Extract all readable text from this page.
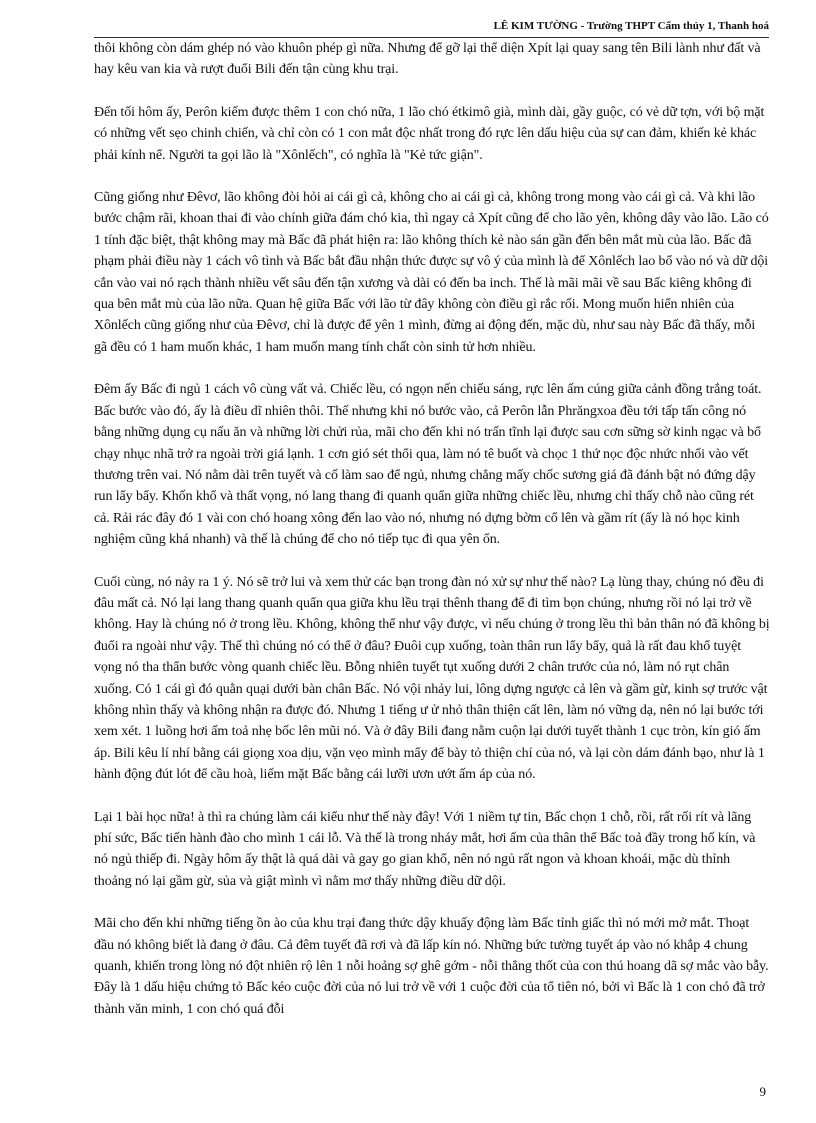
LÊ KIM TƯỜNG - Trường THPT Cẩm thủy 1, Thanh hoá

thôi không còn dám ghép nó vào khuôn phép gì nữa. Nhưng để gỡ lại thể diện Xpít lại quay sang tên Bili lành như đất và hay kêu van kia và rượt đuổi Bili đến tận cùng khu trại.

Đến tối hôm ấy, Perôn kiếm được thêm 1 con chó nữa, 1 lão chó étkimô già, mình dài, gầy guộc, có vẻ dữ tợn, với bộ mặt có những vết sẹo chinh chiến, và chỉ còn có 1 con mắt độc nhất trong đó rực lên dấu hiệu của sự can đảm, khiến kẻ khác phải kính nể. Người ta gọi lão là "Xônlếch", có nghĩa là "Kẻ tức giận".

Cũng giống như Đêvơ, lão không đòi hỏi ai cái gì cả, không cho ai cái gì cả, không trong mong vào cái gì cả. Và khi lão bước chậm rãi, khoan thai đi vào chính giữa đám chó kia, thì ngay cả Xpít cũng để cho lão yên, không dây vào lão. Lão có 1 tính đặc biệt, thật không may mà Bấc đã phát hiện ra: lão không thích kẻ nào sán gần đến bên mắt mù của lão. Bấc đã phạm phải điều này 1 cách vô tình và Bấc bắt đầu nhận thức được sự vô ý của mình là để Xônlếch lao bổ vào nó và dữ dội cắn vào vai nó rạch thành nhiều vết sâu đến tận xương và dài có đến ba inch. Thế là mãi mãi về sau Bấc kiêng không đi qua bên mắt mù của lão nữa. Quan hệ giữa Bấc với lão từ đây không còn điều gì rắc rối. Mong muốn hiển nhiên của Xônlếch cũng giống như của Đêvơ, chỉ là được để yên 1 mình, đừng ai động đến, mặc dù, như sau này Bấc đã thấy, mỗi gã đều có 1 ham muốn khác, 1 ham muốn mang tính chất còn sinh tử hơn nhiều.

Đêm ấy Bấc đi ngủ 1 cách vô cùng vất vả. Chiếc lều, có ngọn nến chiếu sáng, rực lên ấm cúng giữa cảnh đồng trắng toát. Bấc bước vào đó, ấy là điều dĩ nhiên thôi. Thế nhưng khi nó bước vào, cả Perôn lẫn Phrăngxoa đều tới tấp tấn công nó bằng những dụng cụ nấu ăn và những lời chửi rủa, mãi cho đến khi nó trấn tĩnh lại được sau cơn sững sờ kinh ngạc và bổ chạy nhục nhã trở ra ngoài trời giá lạnh. 1 cơn gió sét thổi qua, làm nó tê buốt và chọc 1 thứ nọc độc nhức nhối vào vết thương trên vai. Nó nằm dài trên tuyết và cố làm sao để ngủ, nhưng chẳng mấy chốc sương giá đã đánh bật nó đứng dậy run lẩy bẩy. Khốn khổ và thất vọng, nó lang thang đi quanh quẩn giữa những chiếc lều, nhưng chỉ thấy chỗ nào cũng rét cả. Rải rác đây đó 1 vài con chó hoang xông đến lao vào nó, nhưng nó dựng bờm cổ lên và gầm rít (ấy là nó học kinh nghiệm cũng khá nhanh) và thế là chúng để cho nó tiếp tục đi qua yên ổn.

Cuối cùng, nó nảy ra 1 ý. Nó sẽ trở lui và xem thử các bạn trong đàn nó xử sự như thế nào? Lạ lùng thay, chúng nó đều đi đâu mất cả. Nó lại lang thang quanh quẩn qua giữa khu lều trại thênh thang để đi tìm bọn chúng, nhưng rồi nó lại trở về không. Hay là chúng nó ở trong lều. Không, không thể như vậy được, vì nếu chúng ở trong lều thì bản thân nó đã không bị đuổi ra ngoài như vậy. Thế thì chúng nó có thể ở đâu? Đuôi cụp xuống, toàn thân run lẩy bẩy, quả là rất đau khổ tuyệt vọng nó tha thẩn bước vòng quanh chiếc lều. Bỗng nhiên tuyết tụt xuống dưới 2 chân trước của nó, làm nó rụt chân xuống. Có 1 cái gì đó quằn quại dưới bàn chân Bấc. Nó vội nhảy lui, lông dựng ngược cả lên và gầm gừ, kinh sợ trước vật không nhìn thấy và không nhận ra được đó. Nhưng 1 tiếng ư ử nhỏ thân thiện cất lên, làm nó vững dạ, nên nó lại bước tới xem xét. 1 luồng hơi ấm toả nhẹ bốc lên mũi nó. Và ở đây Bili đang nằm cuộn lại dưới tuyết thành 1 cục tròn, kín gió ấm áp. Bili kêu lí nhí bằng cái giọng xoa dịu, vặn vẹo mình mẩy để bày tỏ thiện chí của nó, và lại còn dám đánh bạo, như là 1 hành động đút lót để cầu hoà, liếm mặt Bấc bằng cái lưỡi ươn ướt ấm áp của nó.

Lại 1 bài học nữa! à thì ra chúng làm cái kiểu như thế này đây! Với 1 niềm tự tin, Bấc chọn 1 chỗ, rồi, rất rối rít và lãng phí sức, Bấc tiến hành đào cho mình 1 cái lỗ. Và thế là trong nháy mắt, hơi ấm của thân thể Bấc toả đầy trong hố kín, và nó ngủ thiếp đi. Ngày hôm ấy thật là quá dài và gay go gian khổ, nên nó ngủ rất ngon và khoan khoái, mặc dù thỉnh thoảng nó lại gầm gừ, sủa và giật mình vì nằm mơ thấy những điều dữ dội.

Mãi cho đến khi những tiếng ồn ào của khu trại đang thức dậy khuấy động làm Bấc tỉnh giấc thì nó mới mở mắt. Thoạt đầu nó không biết là đang ở đâu. Cả đêm tuyết đã rơi và đã lấp kín nó. Những bức tường tuyết áp vào nó khắp 4 chung quanh, khiến trong lòng nó đột nhiên rộ lên 1 nỗi hoảng sợ ghê gớm - nỗi thẳng thốt của con thú hoang dã sợ mắc vào bẫy. Đây là 1 dấu hiệu chứng tỏ Bấc kéo cuộc đời của nó lui trở về với 1 cuộc đời của tổ tiên nó, bởi vì Bấc là 1 con chó đã trở thành văn minh, 1 con chó quá đỗi

9
